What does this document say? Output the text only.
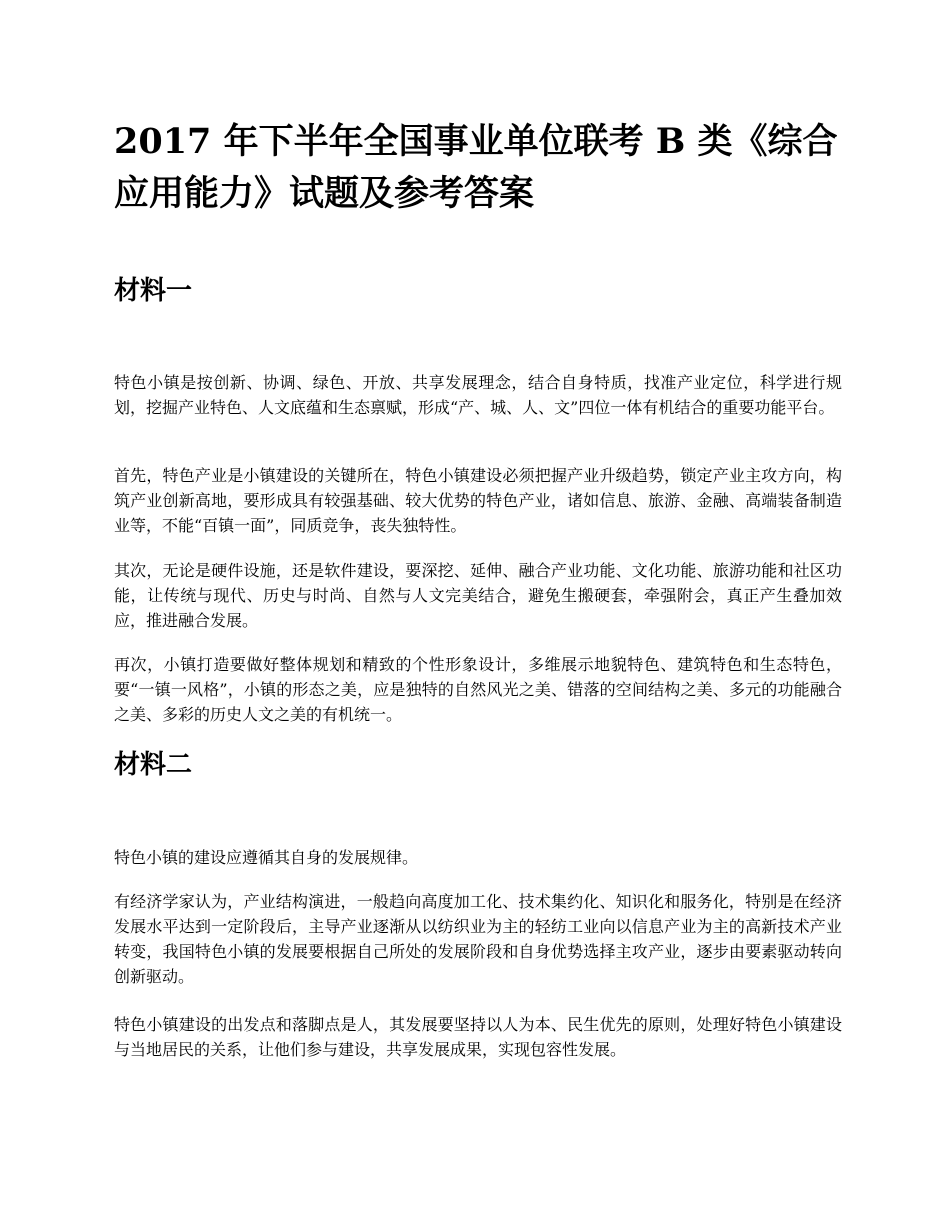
2017 年下半年全国事业单位联考 B 类《综合应用能力》试题及参考答案
材料一

特色小镇是按创新、协调、绿色、开放、共享发展理念，结合自身特质，找准产业定位，科学进行规划，挖掘产业特色、人文底蕴和生态禀赋，形成“产、城、人、文”四位一体有机结合的重要功能平台。

首先，特色产业是小镇建设的关键所在，特色小镇建设必须把握产业升级趋势，锁定产业主攻方向，构筑产业创新高地，要形成具有较强基础、较大优势的特色产业，诸如信息、旅游、金融、高端装备制造业等，不能“百镇一面”，同质竞争，丧失独特性。

其次，无论是硬件设施，还是软件建设，要深挖、延伸、融合产业功能、文化功能、旅游功能和社区功能，让传统与现代、历史与时尚、自然与人文完美结合，避免生搬硬套，牵强附会，真正产生叠加效应，推进融合发展。

再次，小镇打造要做好整体规划和精致的个性形象设计，多维展示地貌特色、建筑特色和生态特色，要“一镇一风格”，小镇的形态之美，应是独特的自然风光之美、错落的空间结构之美、多元的功能融合之美、多彩的历史人文之美的有机统一。

材料二

特色小镇的建设应遵循其自身的发展规律。

有经济学家认为，产业结构演进，一般趋向高度加工化、技术集约化、知识化和服务化，特别是在经济发展水平达到一定阶段后，主导产业逐渐从以纺织业为主的轻纺工业向以信息产业为主的高新技术产业转变，我国特色小镇的发展要根据自己所处的发展阶段和自身优势选择主攻产业，逐步由要素驱动转向创新驱动。

特色小镇建设的出发点和落脚点是人，其发展要坚持以人为本、民生优先的原则，处理好特色小镇建设与当地居民的关系，让他们参与建设，共享发展成果，实现包容性发展。
